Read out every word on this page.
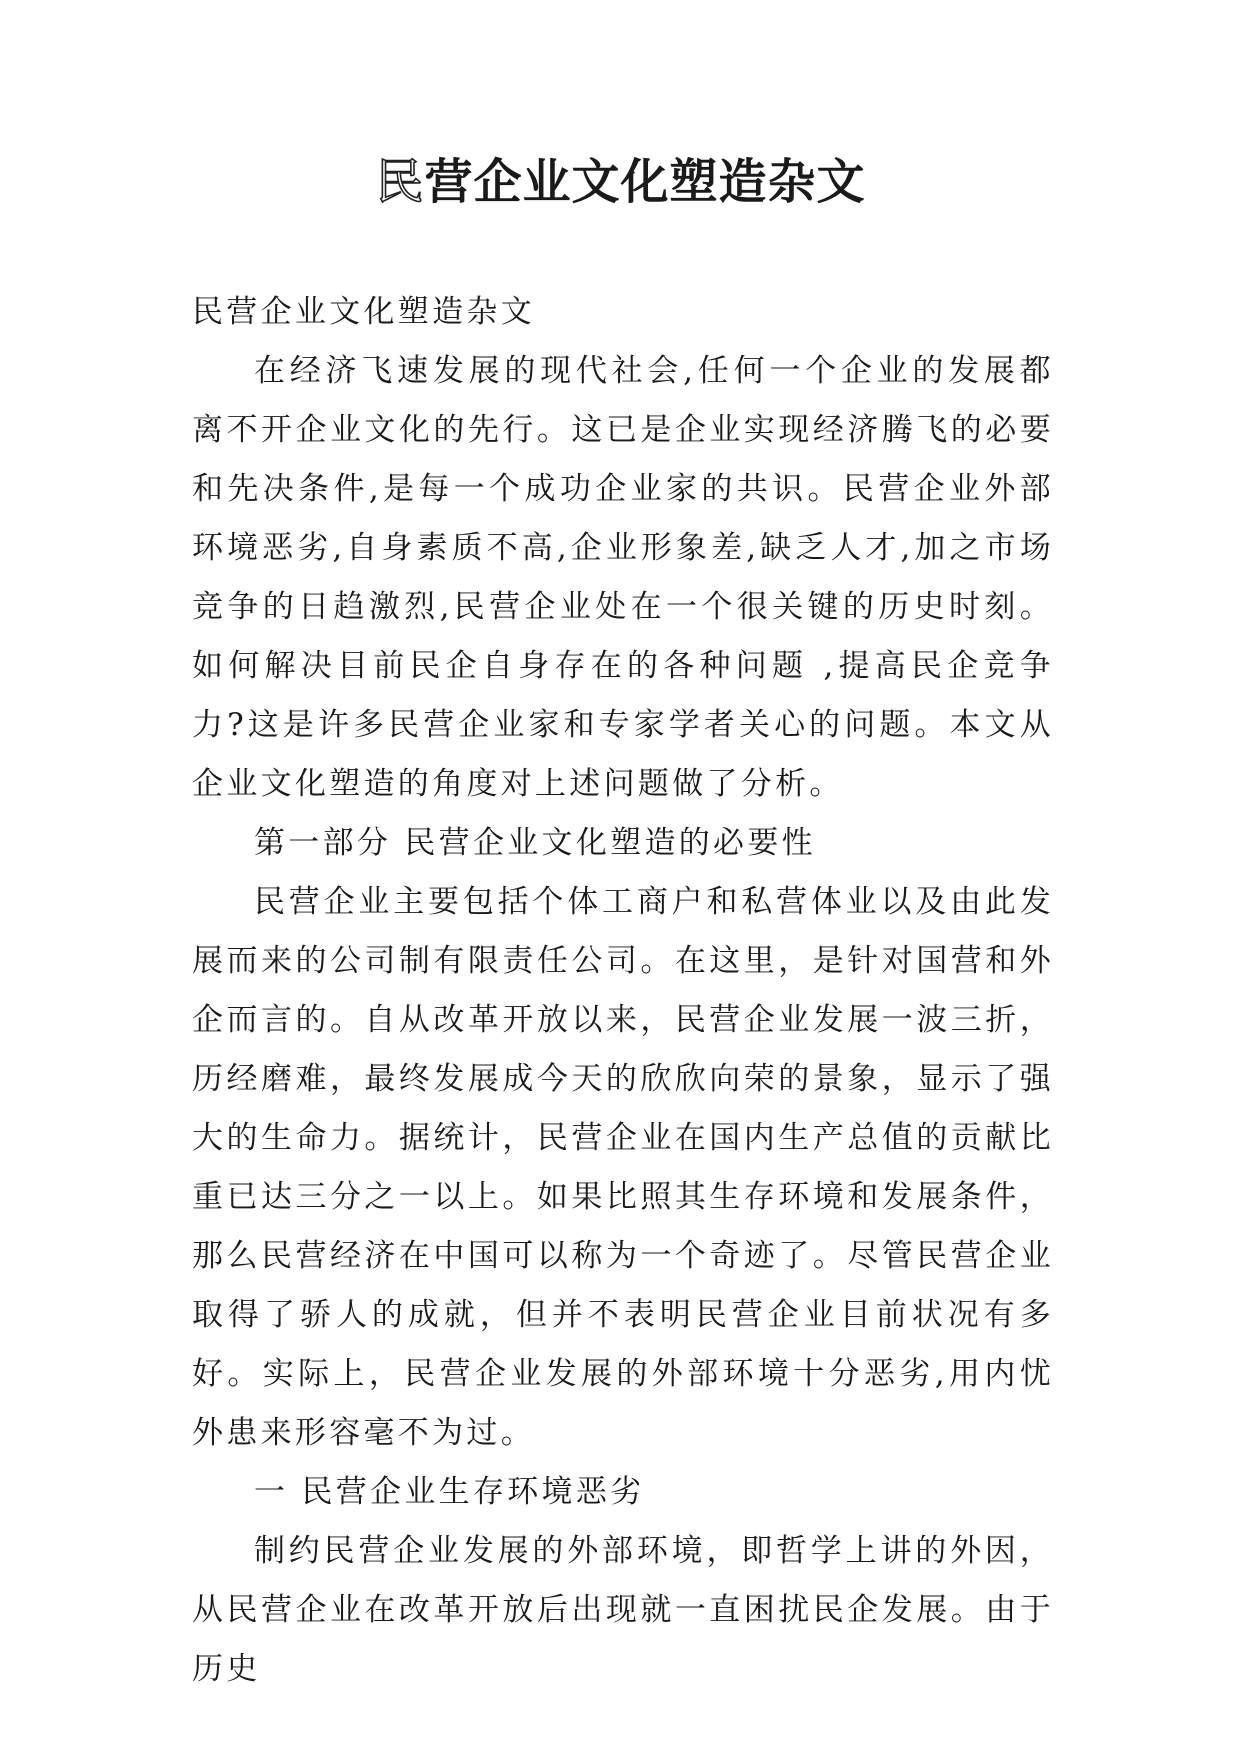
民营企业文化塑造杂文

民营企业文化塑造杂文

在经济飞速发展的现代社会,任何一个企业的发展都离不开企业文化的先行。这已是企业实现经济腾飞的必要和先决条件,是每一个成功企业家的共识。民营企业外部环境恶劣,自身素质不高,企业形象差,缺乏人才,加之市场竞争的日趋激烈,民营企业处在一个很关键的历史时刻。如何解决目前民企自身存在的各种问题 ,提高民企竞争力?这是许多民营企业家和专家学者关心的问题。本文从企业文化塑造的角度对上述问题做了分析。

第一部分 民营企业文化塑造的必要性

民营企业主要包括个体工商户和私营体业以及由此发展而来的公司制有限责任公司。在这里，是针对国营和外企而言的。自从改革开放以来，民营企业发展一波三折，历经磨难，最终发展成今天的欣欣向荣的景象，显示了强大的生命力。据统计，民营企业在国内生产总值的贡献比重已达三分之一以上。如果比照其生存环境和发展条件，那么民营经济在中国可以称为一个奇迹了。尽管民营企业取得了骄人的成就，但并不表明民营企业目前状况有多好。实际上，民营企业发展的外部环境十分恶劣,用内忧外患来形容毫不为过。

一 民营企业生存环境恶劣

制约民营企业发展的外部环境，即哲学上讲的外因，从民营企业在改革开放后出现就一直困扰民企发展。由于历史
